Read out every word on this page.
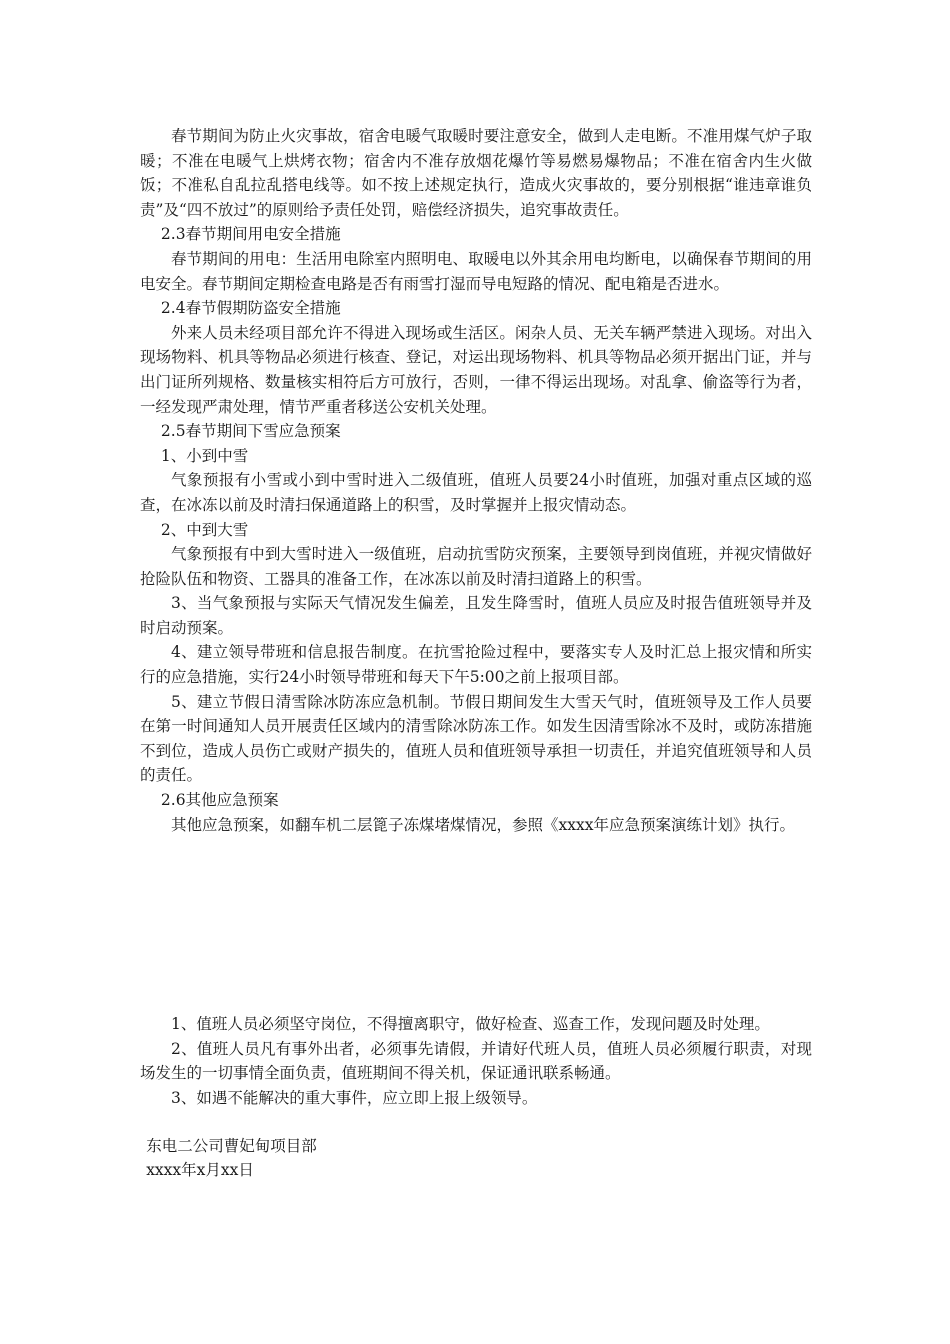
春节期间为防止火灾事故，宿舍电暖气取暖时要注意安全，做到人走电断。不准用煤气炉子取暖；不准在电暖气上烘烤衣物；宿舍内不准存放烟花爆竹等易燃易爆物品；不准在宿舍内生火做饭；不准私自乱拉乱搭电线等。如不按上述规定执行，造成火灾事故的，要分别根据“谁违章谁负责”及“四不放过”的原则给予责任处罚，赔偿经济损失，追究事故责任。

2.3春节期间用电安全措施

春节期间的用电：生活用电除室内照明电、取暖电以外其余用电均断电，以确保春节期间的用电安全。春节期间定期检查电路是否有雨雪打湿而导电短路的情况、配电箱是否进水。

2.4春节假期防盗安全措施

外来人员未经项目部允许不得进入现场或生活区。闲杂人员、无关车辆严禁进入现场。对出入现场物料、机具等物品必须进行核查、登记，对运出现场物料、机具等物品必须开据出门证，并与出门证所列规格、数量核实相符后方可放行，否则，一律不得运出现场。对乱拿、偷盗等行为者，一经发现严肃处理，情节严重者移送公安机关处理。

2.5春节期间下雪应急预案

1、小到中雪

气象预报有小雪或小到中雪时进入二级值班，值班人员要24小时值班，加强对重点区域的巡查，在冰冻以前及时清扫保通道路上的积雪，及时掌握并上报灾情动态。

2、中到大雪

气象预报有中到大雪时进入一级值班，启动抗雪防灾预案，主要领导到岗值班，并视灾情做好抢险队伍和物资、工器具的准备工作，在冰冻以前及时清扫道路上的积雪。

3、当气象预报与实际天气情况发生偏差，且发生降雪时，值班人员应及时报告值班领导并及时启动预案。

4、建立领导带班和信息报告制度。在抗雪抢险过程中，要落实专人及时汇总上报灾情和所实行的应急措施，实行24小时领导带班和每天下午5:00之前上报项目部。

5、建立节假日清雪除冰防冻应急机制。节假日期间发生大雪天气时，值班领导及工作人员要在第一时间通知人员开展责任区域内的清雪除冰防冻工作。如发生因清雪除冰不及时，或防冻措施不到位，造成人员伤亡或财产损失的，值班人员和值班领导承担一切责任，并追究值班领导和人员的责任。

2.6其他应急预案

其他应急预案，如翻车机二层篦子冻煤堵煤情况，参照《xxxx年应急预案演练计划》执行。

1、值班人员必须坚守岗位，不得擅离职守，做好检查、巡查工作，发现问题及时处理。

2、值班人员凡有事外出者，必须事先请假，并请好代班人员，值班人员必须履行职责，对现场发生的一切事情全面负责，值班期间不得关机，保证通讯联系畅通。

3、如遇不能解决的重大事件，应立即上报上级领导。

东电二公司曹妃甸项目部

xxxx年x月xx日
